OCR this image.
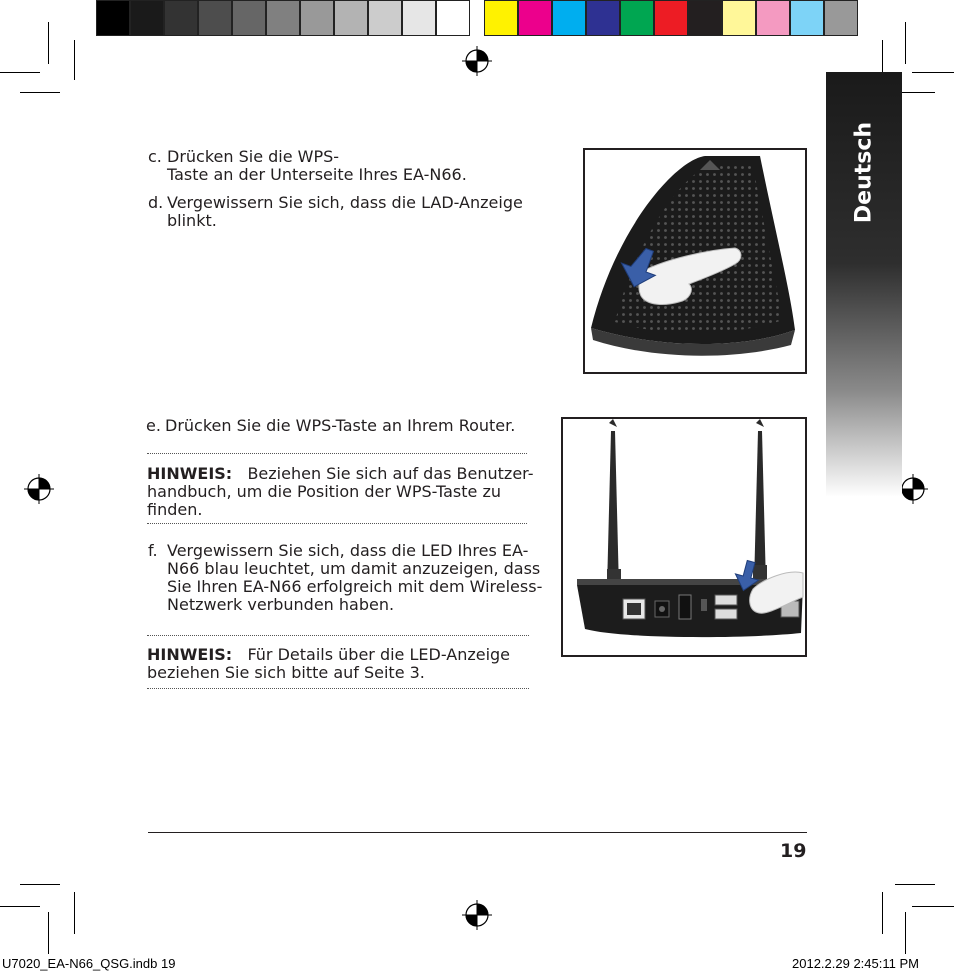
Deutsch
c. Drücken Sie die WPS-
Taste an der Unterseite Ihres EA-N66.
d. Vergewissern Sie sich, dass die LAD-Anzeige blinkt.
e. Drücken Sie die WPS-Taste an Ihrem Router.
HINWEIS: Beziehen Sie sich auf das Benutzer-handbuch, um die Position der WPS-Taste zu finden.
f. Vergewissern Sie sich, dass die LED Ihres EA-N66 blau leuchtet, um damit anzuzeigen, dass Sie Ihren EA-N66 erfolgreich mit dem Wireless-Netzwerk verbunden haben.
HINWEIS: Für Details über die LED-Anzeige beziehen Sie sich bitte auf Seite 3.
19
U7020_EA-N66_QSG.indb 19	2012.2.29 2:45:11 PM
